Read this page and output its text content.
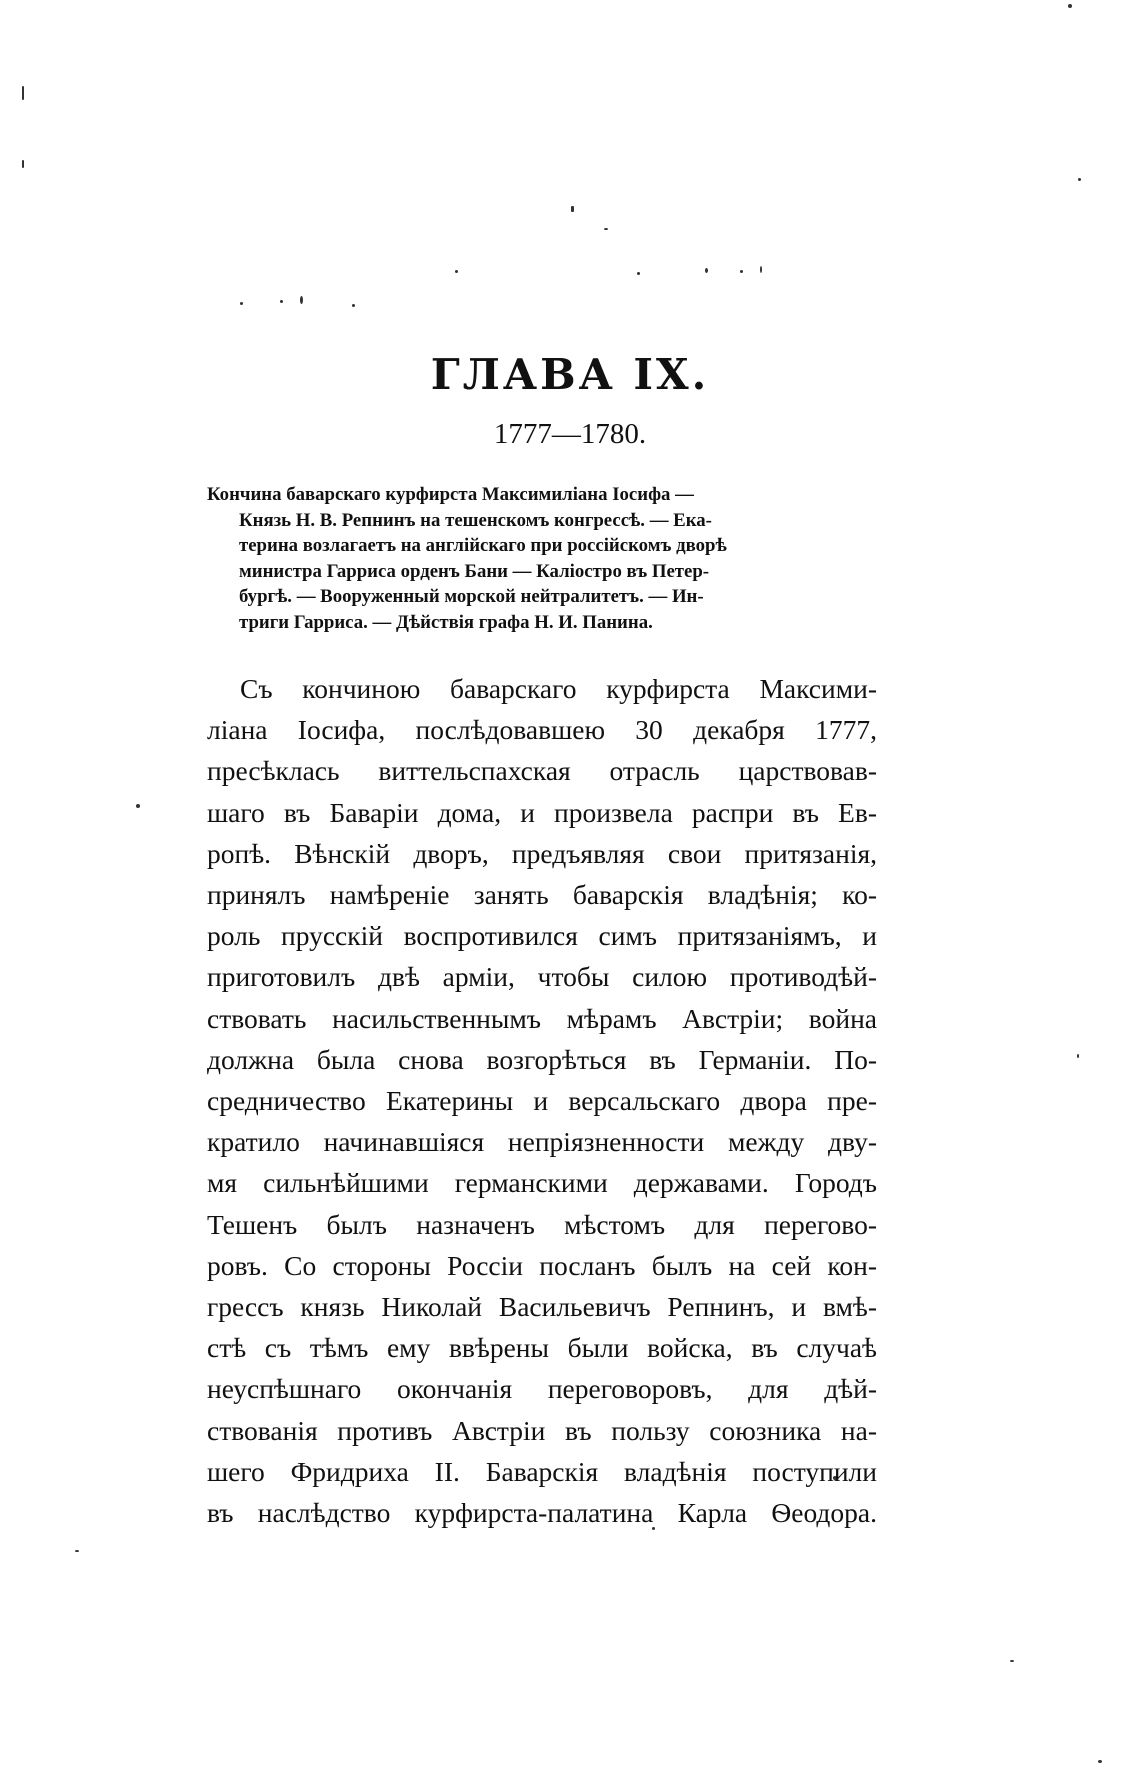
ГЛАВА IX.
1777—1780.

Кончина баварскаго курфирста Максимиліана Іосифа —

Князь Н. В. Репнинъ на тешенскомъ конгрессѣ. — Ека-

терина возлагаетъ на англійскаго при россійскомъ дворѣ

министра Гарриса орденъ Бани — Каліостро въ Петер-

бургѣ. — Вооруженный морской нейтралитетъ. — Ин-

триги Гарриса. — Дѣйствія графа Н. И. Панина.

Съ кончиною баварскаго курфирста Максими-

ліана Іосифа, послѣдовавшею 30 декабря 1777,

пресѣклась виттельспахская отрасль царствовав-

шаго въ Баваріи дома, и произвела распри въ Ев-

ропѣ. Вѣнскій дворъ, предъявляя свои притязанія,

принялъ намѣреніе занять баварскія владѣнія; ко-

роль прусскій воспротивился симъ притязаніямъ, и

приготовилъ двѣ арміи, чтобы силою противодѣй-

ствовать насильственнымъ мѣрамъ Австріи; война

должна была снова возгорѣться въ Германіи. По-

средничество Екатерины и версальскаго двора пре-

кратило начинавшіяся непріязненности между дву-

мя сильнѣйшими германскими державами. Городъ

Тешенъ былъ назначенъ мѣстомъ для перегово-

ровъ. Со стороны Россіи посланъ былъ на сей кон-

грессъ князь Николай Васильевичъ Репнинъ, и вмѣ-

стѣ съ тѣмъ ему ввѣрены были войска, въ случаѣ

неуспѣшнаго окончанія переговоровъ, для дѣй-

ствованія противъ Австріи въ пользу союзника на-

шего Фридриха II. Баварскія владѣнія поступили

въ наслѣдство курфирста-палатина Карла Ѳеодора.
